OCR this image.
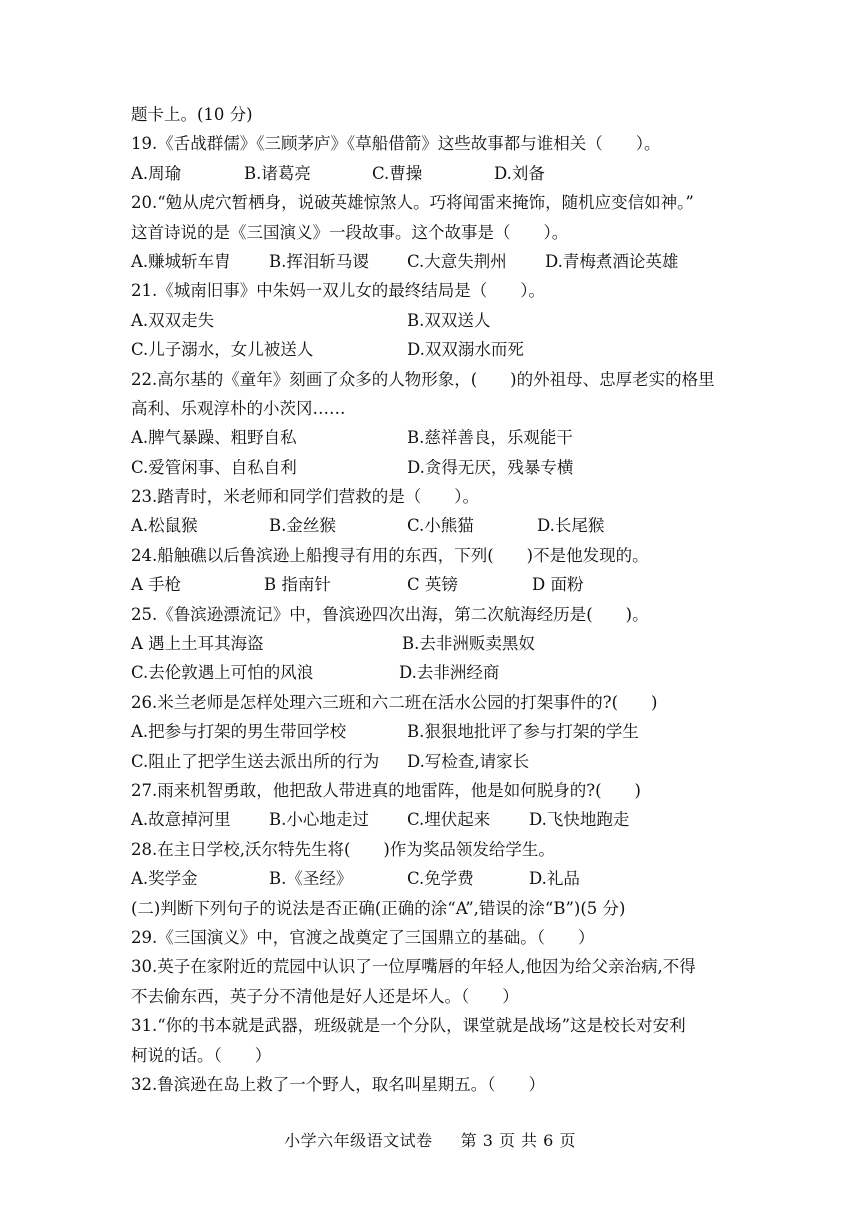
题卡上。(10 分)
19.《舌战群儒》《三顾茅庐》《草船借箭》这些故事都与谁相关（　　）。
A.周瑜	B.诸葛亮	C.曹操	D.刘备
20.“勉从虎穴暂栖身，说破英雄惊煞人。巧将闻雷来掩饰，随机应变信如神。”
这首诗说的是《三国演义》一段故事。这个故事是（　　）。
A.赚城斩车胄 B.挥泪斩马谡 C.大意失荆州 D.青梅煮酒论英雄
21.《城南旧事》中朱妈一双儿女的最终结局是（　　）。
A.双双走失	B.双双送人
C.儿子溺水，女儿被送人	D.双双溺水而死
22.高尔基的《童年》刻画了众多的人物形象，(　　)的外祖母、忠厚老实的格里
高利、乐观淳朴的小茨冈……
A.脾气暴躁、粗野自私	B.慈祥善良，乐观能干
C.爱管闲事、自私自利	D.贪得无厌，残暴专横
23.踏青时，米老师和同学们营救的是（　　）。
A.松鼠猴	B.金丝猴	C.小熊猫	D.长尾猴
24.船触礁以后鲁滨逊上船搜寻有用的东西，下列(　　)不是他发现的。
A 手枪	B 指南针	C 英镑	D 面粉
25.《鲁滨逊漂流记》中，鲁滨逊四次出海，第二次航海经历是(　　)。
A 遇上土耳其海盗	B.去非洲贩卖黑奴
C.去伦敦遇上可怕的风浪	D.去非洲经商
26.米兰老师是怎样处理六三班和六二班在活水公园的打架事件的?(　　)
A.把参与打架的男生带回学校	B.狠狠地批评了参与打架的学生
C.阻止了把学生送去派出所的行为 D.写检查,请家长
27.雨来机智勇敢，他把敌人带进真的地雷阵，他是如何脱身的?(　　)
A.故意掉河里 B.小心地走过 C.埋伏起来 D.飞快地跑走
28.在主日学校,沃尔特先生将(　　)作为奖品领发给学生。
A.奖学金	B.《圣经》	C.免学费	D.礼品
(二)判断下列句子的说法是否正确(正确的涂“A”,错误的涂“B”)(5 分)
29.《三国演义》中，官渡之战奠定了三国鼎立的基础。（　　）
30.英子在家附近的荒园中认识了一位厚嘴唇的年轻人,他因为给父亲治病,不得
不去偷东西，英子分不清他是好人还是坏人。（　　）
31.“你的书本就是武器，班级就是一个分队，课堂就是战场”这是校长对安利
柯说的话。（　　）
32.鲁滨逊在岛上救了一个野人，取名叫星期五。（　　）
小学六年级语文试卷 第 3 页 共 6 页
